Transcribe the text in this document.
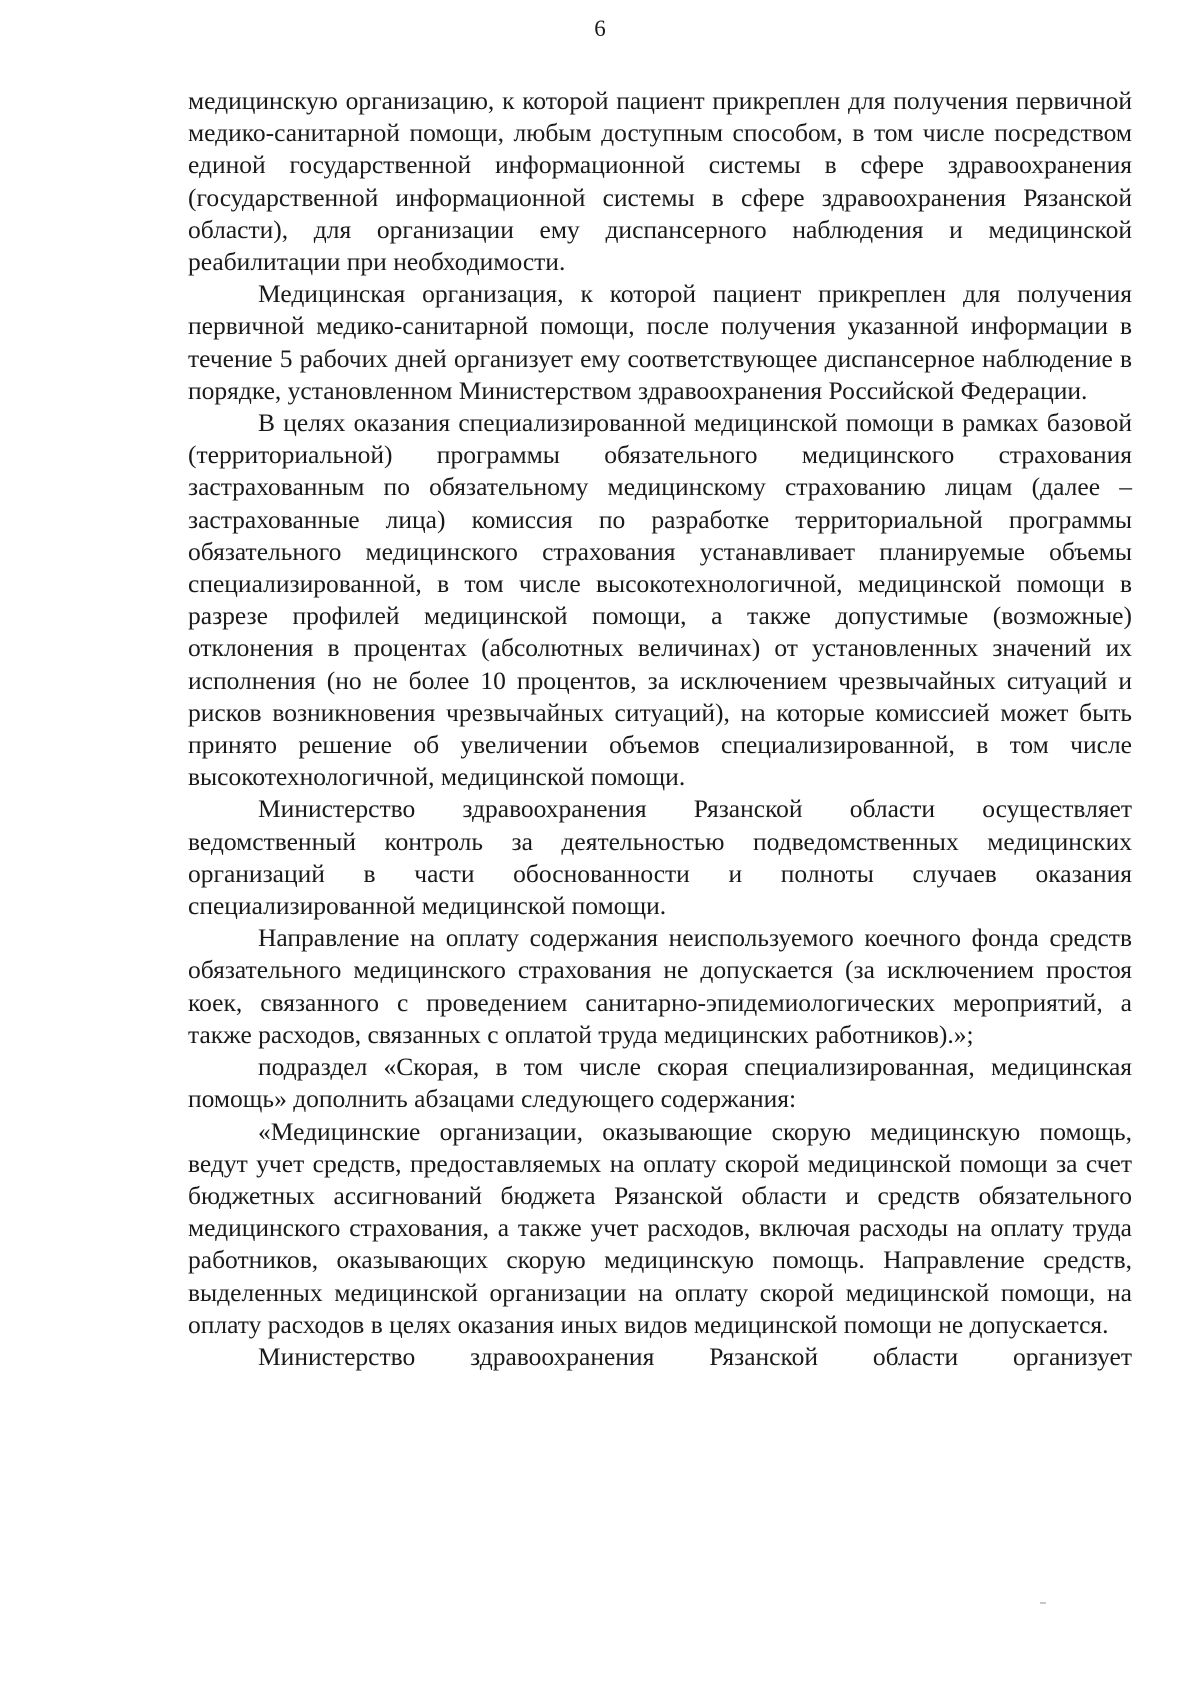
6

медицинскую организацию, к которой пациент прикреплен для получения первичной медико-санитарной помощи, любым доступным способом, в том числе посредством единой государственной информационной системы в сфере здравоохранения (государственной информационной системы в сфере здравоохранения Рязанской области), для организации ему диспансерного наблюдения и медицинской реабилитации при необходимости.

Медицинская организация, к которой пациент прикреплен для получения первичной медико-санитарной помощи, после получения указанной информации в течение 5 рабочих дней организует ему соответствующее диспансерное наблюдение в порядке, установленном Министерством здравоохранения Российской Федерации.

В целях оказания специализированной медицинской помощи в рамках базовой (территориальной) программы обязательного медицинского страхования застрахованным по обязательному медицинскому страхованию лицам (далее – застрахованные лица) комиссия по разработке территориальной программы обязательного медицинского страхования устанавливает планируемые объемы специализированной, в том числе высокотехнологичной, медицинской помощи в разрезе профилей медицинской помощи, а также допустимые (возможные) отклонения в процентах (абсолютных величинах) от установленных значений их исполнения (но не более 10 процентов, за исключением чрезвычайных ситуаций и рисков возникновения чрезвычайных ситуаций), на которые комиссией может быть принято решение об увеличении объемов специализированной, в том числе высокотехнологичной, медицинской помощи.

Министерство здравоохранения Рязанской области осуществляет ведомственный контроль за деятельностью подведомственных медицинских организаций в части обоснованности и полноты случаев оказания специализированной медицинской помощи.

Направление на оплату содержания неиспользуемого коечного фонда средств обязательного медицинского страхования не допускается (за исключением простоя коек, связанного с проведением санитарно-эпидемиологических мероприятий, а также расходов, связанных с оплатой труда медицинских работников).»;

подраздел «Скорая, в том числе скорая специализированная, медицинская помощь» дополнить абзацами следующего содержания:

«Медицинские организации, оказывающие скорую медицинскую помощь, ведут учет средств, предоставляемых на оплату скорой медицинской помощи за счет бюджетных ассигнований бюджета Рязанской области и средств обязательного медицинского страхования, а также учет расходов, включая расходы на оплату труда работников, оказывающих скорую медицинскую помощь. Направление средств, выделенных медицинской организации на оплату скорой медицинской помощи, на оплату расходов в целях оказания иных видов медицинской помощи не допускается.

Министерство здравоохранения Рязанской области организует
